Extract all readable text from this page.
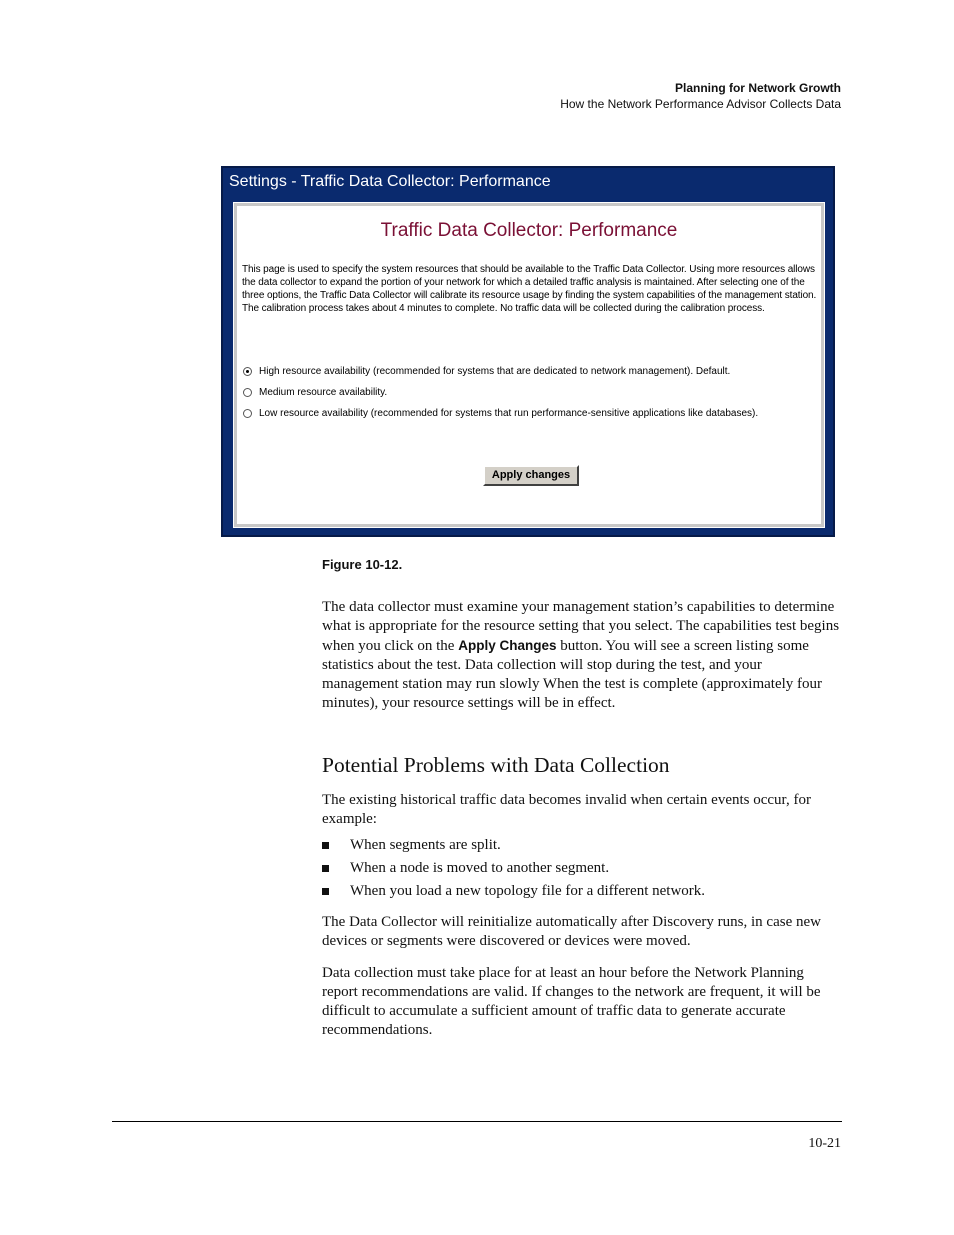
Planning for Network Growth
How the Network Performance Advisor Collects Data
Settings - Traffic Data Collector: Performance
Traffic Data Collector: Performance
This page is used to specify the system resources that should be available to the Traffic Data Collector. Using more resources allows the data collector to expand the portion of your network for which a detailed traffic analysis is maintained. After selecting one of the three options, the Traffic Data Collector will calibrate its resource usage by finding the system capabilities of the management station. The calibration process takes about 4 minutes to complete. No traffic data will be collected during the calibration process.
High resource availability (recommended for systems that are dedicated to network management). Default.
Medium resource availability.
Low resource availability (recommended for systems that run performance-sensitive applications like databases).
Apply changes
Figure 10-12.
The data collector must examine your management station’s capabilities to determine what is appropriate for the resource setting that you select. The capabilities test begins when you click on the Apply Changes button. You will see a screen listing some statistics about the test. Data collection will stop during the test, and your management station may run slowly When the test is complete (approximately four minutes), your resource settings will be in effect.
Potential Problems with Data Collection
The existing historical traffic data becomes invalid when certain events occur, for example:
When segments are split.
When a node is moved to another segment.
When you load a new topology file for a different network.
The Data Collector will reinitialize automatically after Discovery runs, in case new devices or segments were discovered or devices were moved.
Data collection must take place for at least an hour before the Network Planning report recommendations are valid. If changes to the network are frequent, it will be difficult to accumulate a sufficient amount of traffic data to generate accurate recommendations.
10-21
